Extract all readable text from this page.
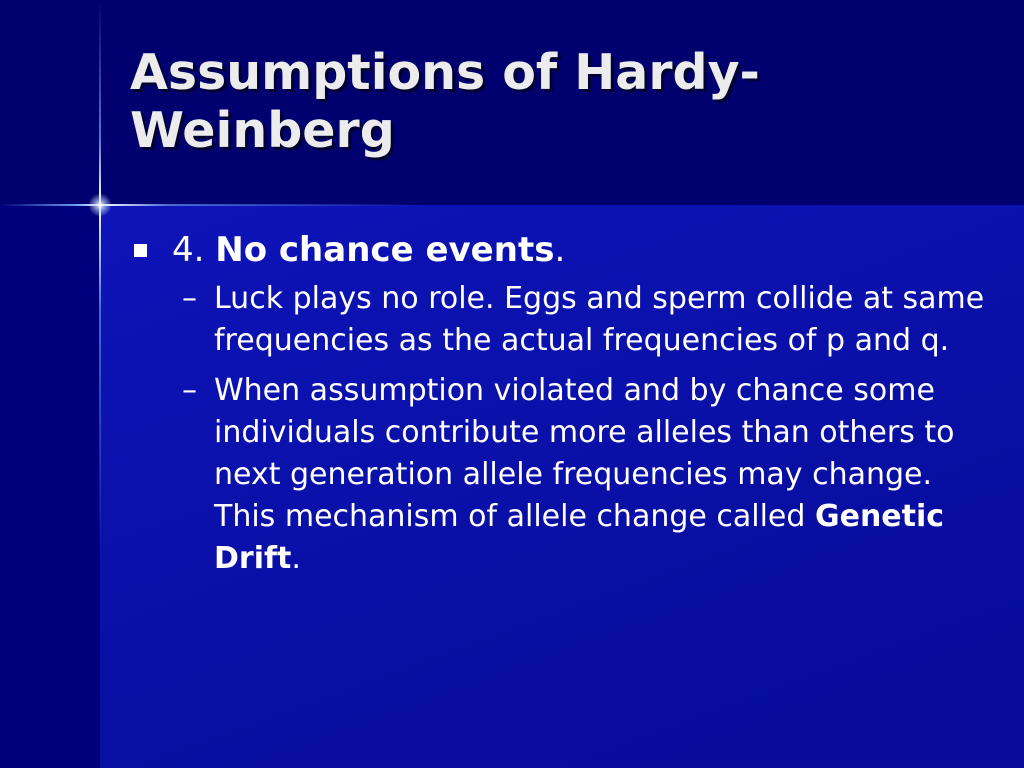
Assumptions of Hardy-Weinberg

4. No chance events.

– Luck plays no role. Eggs and sperm collide at same frequencies as the actual frequencies of p and q.

– When assumption violated and by chance some individuals contribute more alleles than others to next generation allele frequencies may change. This mechanism of allele change called Genetic Drift.
